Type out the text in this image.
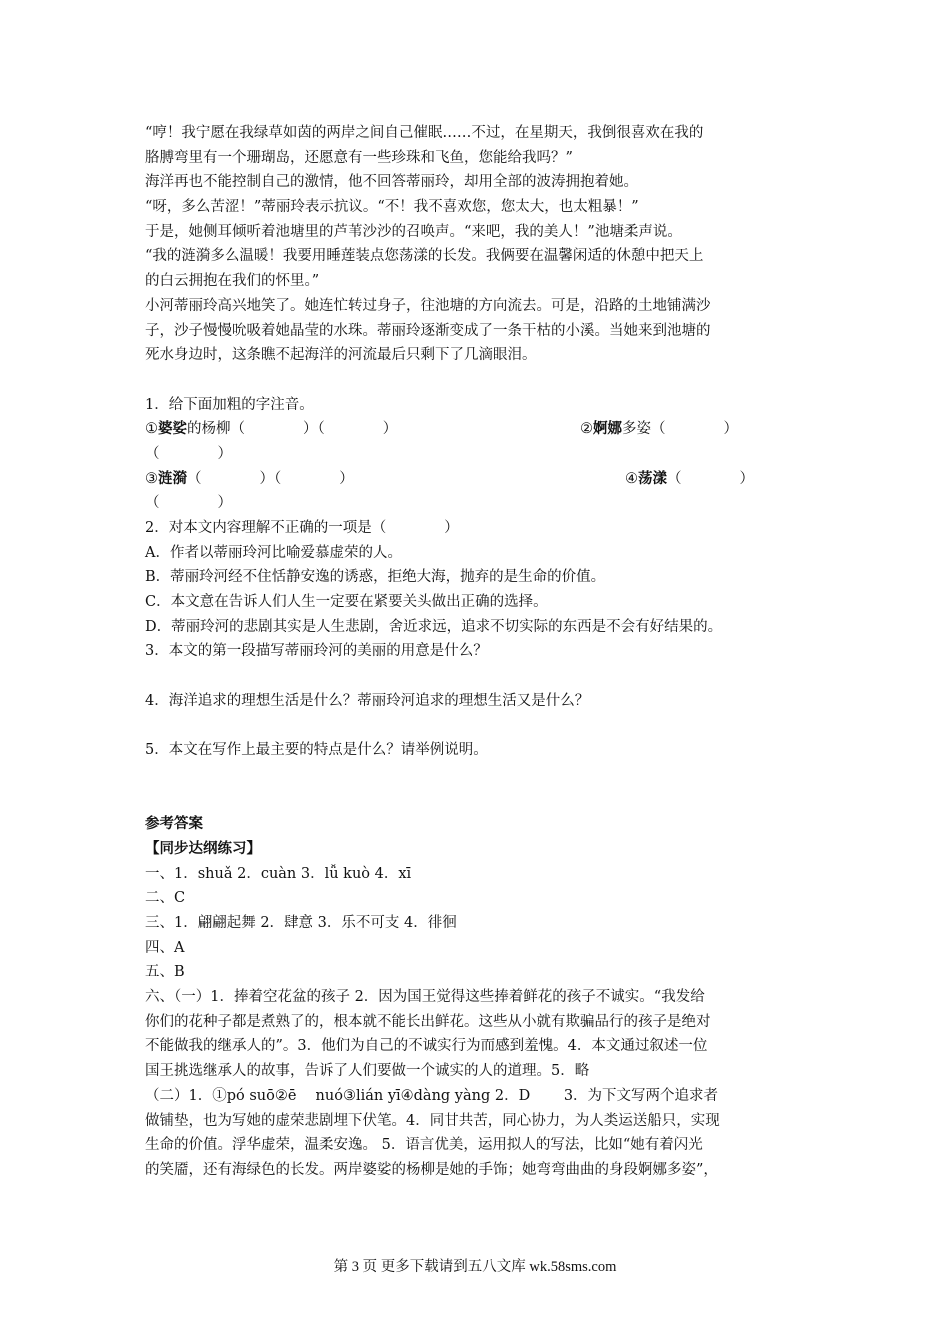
“哼！我宁愿在我绿草如茵的两岸之间自己催眠……不过，在星期天，我倒很喜欢在我的
胳膊弯里有一个珊瑚岛，还愿意有一些珍珠和飞鱼，您能给我吗？”
海洋再也不能控制自己的激情，他不回答蒂丽玲，却用全部的波涛拥抱着她。
“呀，多么苦涩！”蒂丽玲表示抗议。“不！我不喜欢您，您太大，也太粗暴！”
于是，她侧耳倾听着池塘里的芦苇沙沙的召唤声。“来吧，我的美人！”池塘柔声说。
“我的涟漪多么温暖！我要用睡莲装点您荡漾的长发。我俩要在温馨闲适的休憩中把天上
的白云拥抱在我们的怀里。”
小河蒂丽玲高兴地笑了。她连忙转过身子，往池塘的方向流去。可是，沿路的土地铺满沙
子，沙子慢慢吮吸着她晶莹的水珠。蒂丽玲逐渐变成了一条干枯的小溪。当她来到池塘的
死水身边时，这条瞧不起海洋的河流最后只剩下了几滴眼泪。
1．给下面加粗的字注音。
①婆娑的杨柳（　　　　）（　　　　）	②婀娜多姿（　　　　）
（　　　　）
③涟漪（　　　　）（　　　　）	④荡漾（　　　　）
（　　　　）
2．对本文内容理解不正确的一项是（　　　　）
A．作者以蒂丽玲河比喻爱慕虚荣的人。
B．蒂丽玲河经不住恬静安逸的诱惑，拒绝大海，抛弃的是生命的价值。
C．本文意在告诉人们人生一定要在紧要关头做出正确的选择。
D．蒂丽玲河的悲剧其实是人生悲剧，舍近求远，追求不切实际的东西是不会有好结果的。
3．本文的第一段描写蒂丽玲河的美丽的用意是什么？
4．海洋追求的理想生活是什么？蒂丽玲河追求的理想生活又是什么？
5．本文在写作上最主要的特点是什么？请举例说明。
参考答案
【同步达纲练习】
一、1．shuǎ 2．cuàn 3．lǚ kuò 4．xī
二、C
三、1．翩翩起舞 2．肆意 3．乐不可支 4．徘徊
四、A
五、B
六、（一）1．捧着空花盆的孩子 2．因为国王觉得这些捧着鲜花的孩子不诚实。“我发给
你们的花种子都是煮熟了的，根本就不能长出鲜花。这些从小就有欺骗品行的孩子是绝对
不能做我的继承人的”。3．他们为自己的不诚实行为而感到羞愧。4．本文通过叙述一位
国王挑选继承人的故事，告诉了人们要做一个诚实的人的道理。5．略
（二）1．①pó suō②ē　 nuó③lián yī④dàng yàng 2．D　　 3．为下文写两个追求者
做铺垫，也为写她的虚荣悲剧埋下伏笔。4．同甘共苦，同心协力，为人类运送船只，实现
生命的价值。浮华虚荣，温柔安逸。 5．语言优美，运用拟人的写法，比如“她有着闪光
的笑靥，还有海绿色的长发。两岸婆娑的杨柳是她的手饰；她弯弯曲曲的身段婀娜多姿”，
第 3 页 更多下载请到五八文库 wk.58sms.com
